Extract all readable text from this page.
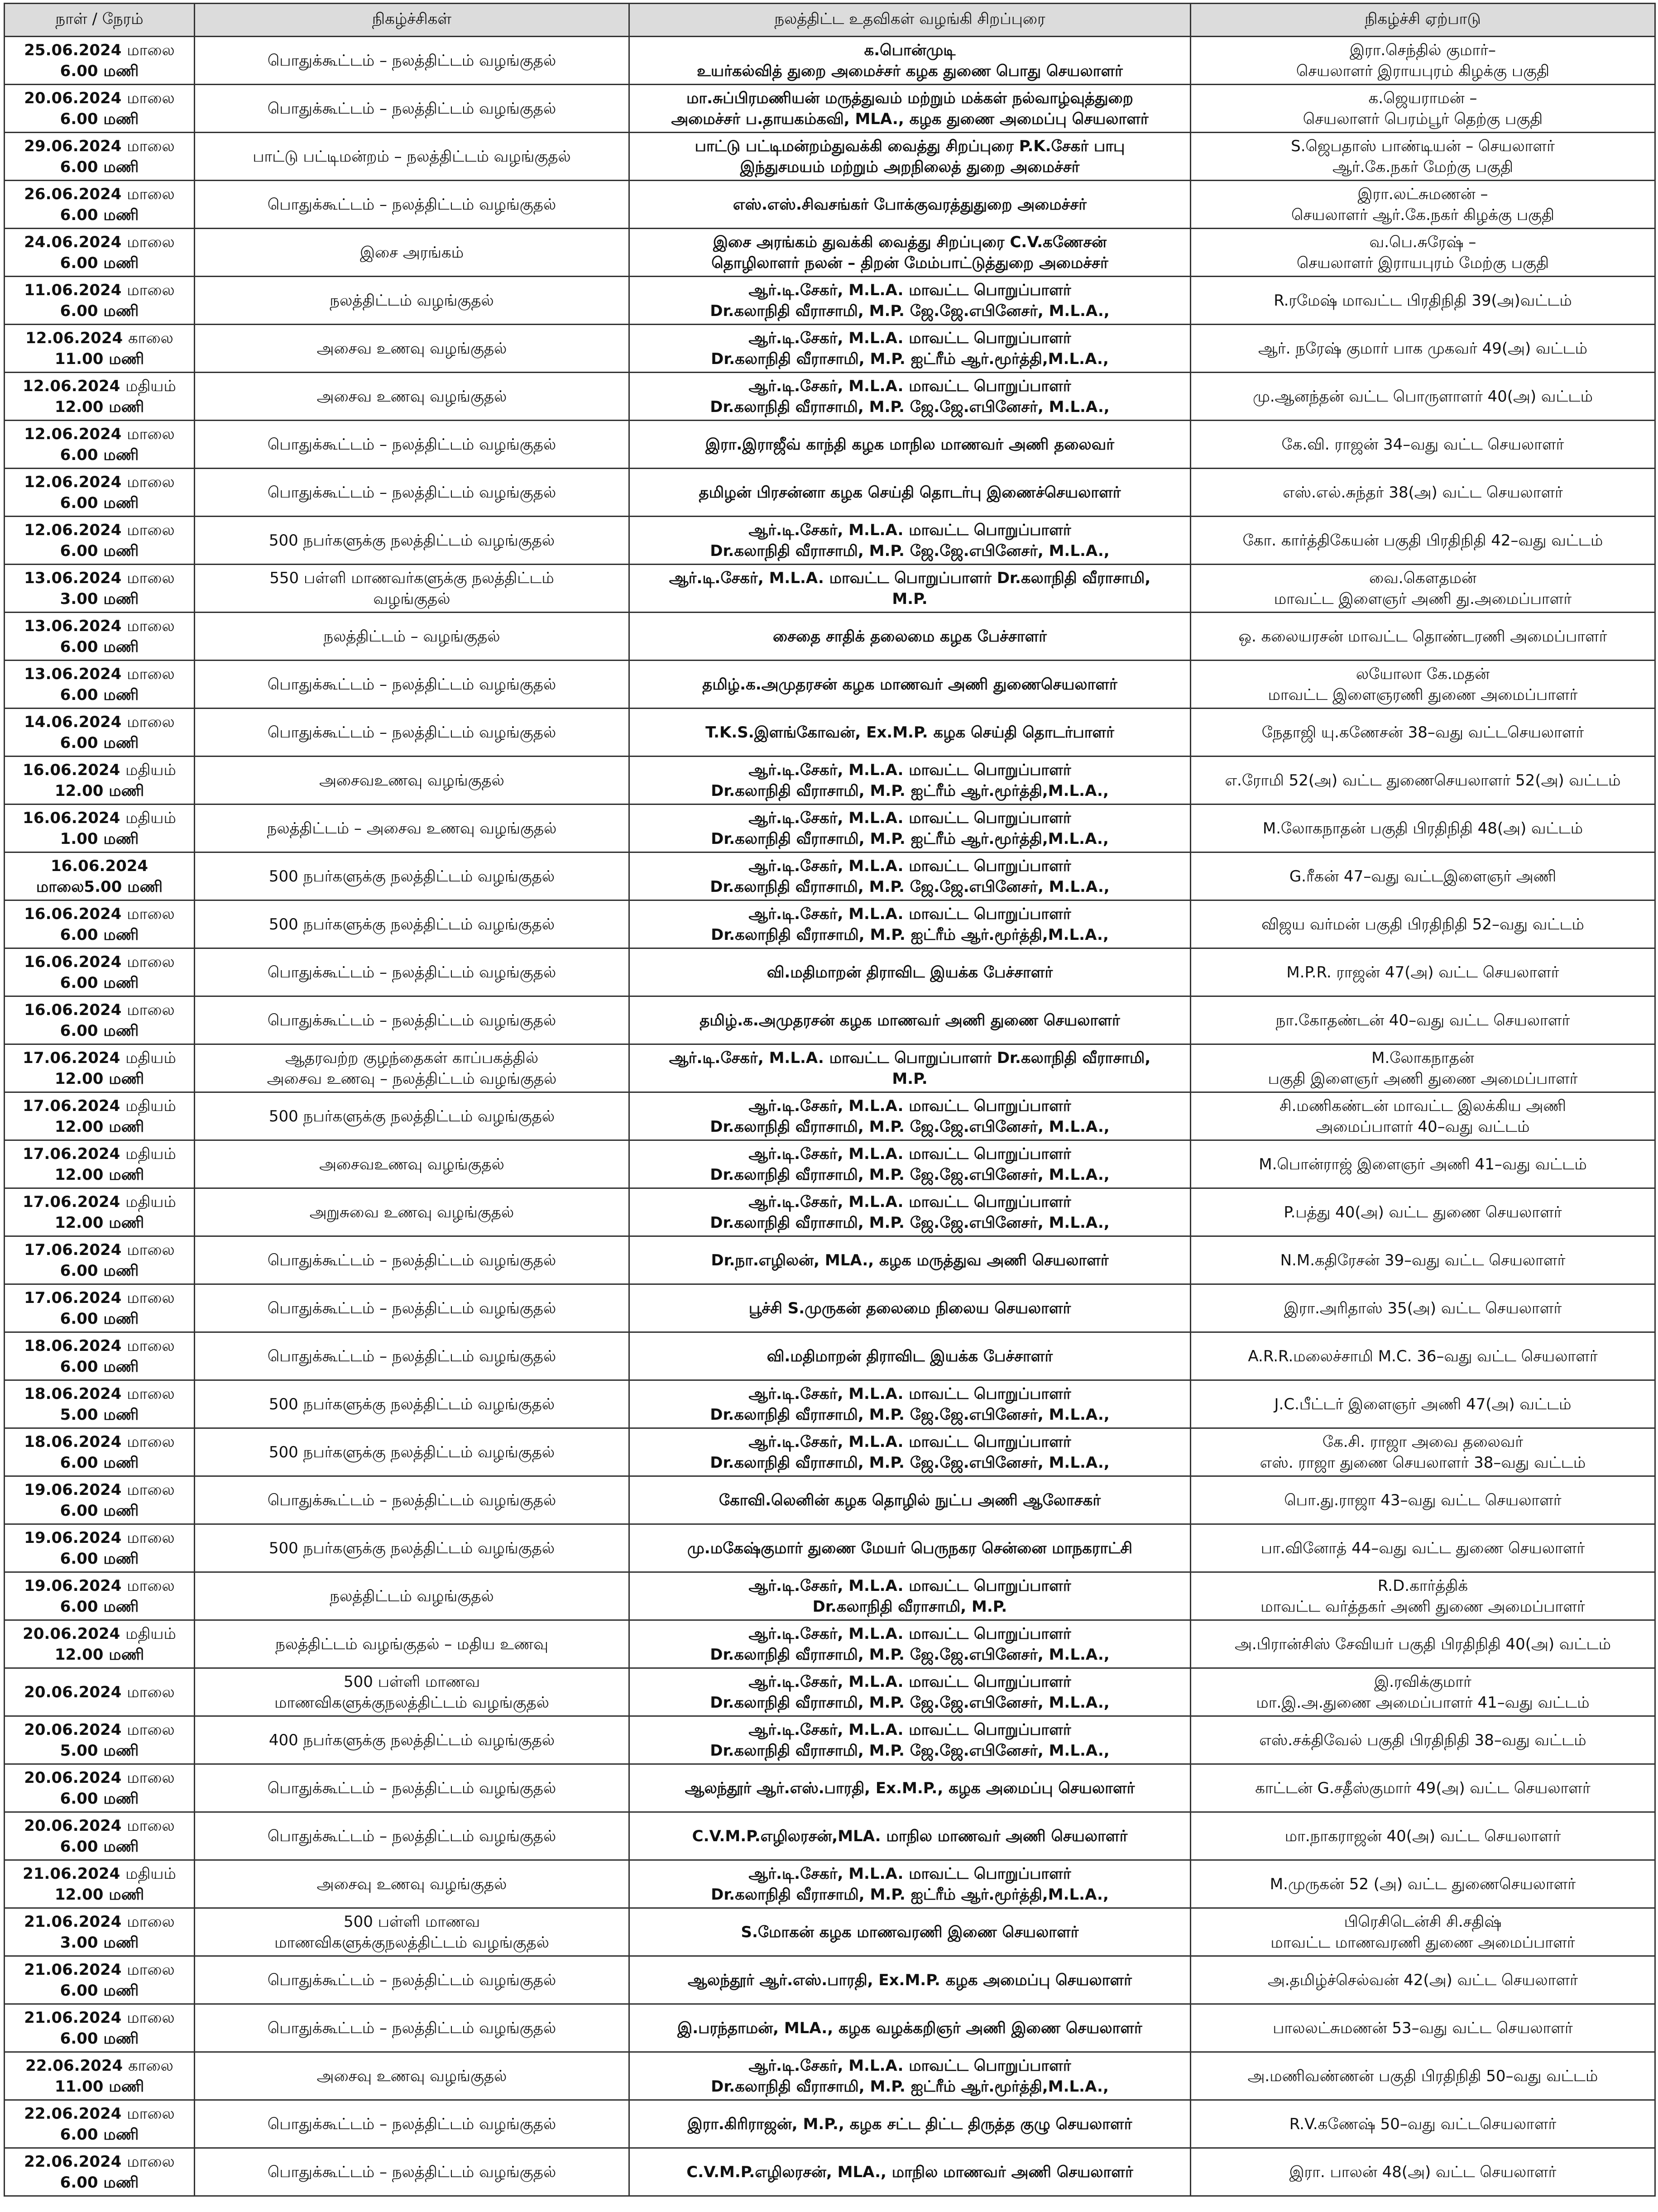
நாள் / நேரம்	நிகழ்ச்சிகள்	நலத்திட்ட உதவிகள் வழங்கி சிறப்புரை	நிகழ்ச்சி ஏற்பாடு

25.06.2024 மாலை
6.00 மணி	பொதுக்கூட்டம் – நலத்திட்டம் வழங்குதல்	க.பொன்முடி
உயர்கல்வித் துறை அமைச்சர் கழக துணை பொது செயலாளர்	இரா.செந்தில் குமார்–
செயலாளர் இராயபுரம் கிழக்கு பகுதி

20.06.2024 மாலை
6.00 மணி	பொதுக்கூட்டம் – நலத்திட்டம் வழங்குதல்	மா.சுப்பிரமணியன் மருத்துவம் மற்றும் மக்கள் நல்வாழ்வுத்துறை
அமைச்சர் ப.தாயகம்கவி, MLA., கழக துணை அமைப்பு செயலாளர்	க.ஜெயராமன் –
செயலாளர் பெரம்பூர் தெற்கு பகுதி

29.06.2024 மாலை
6.00 மணி	பாட்டு பட்டிமன்றம் – நலத்திட்டம் வழங்குதல்	பாட்டு பட்டிமன்றம்துவக்கி வைத்து சிறப்புரை P.K.சேகர் பாபு
இந்துசமயம் மற்றும் அறநிலைத் துறை அமைச்சர்	S.ஜெபதாஸ் பாண்டியன் – செயலாளர்
ஆர்.கே.நகர் மேற்கு பகுதி

26.06.2024 மாலை
6.00 மணி	பொதுக்கூட்டம் – நலத்திட்டம் வழங்குதல்	எஸ்.எஸ்.சிவசங்கர் போக்குவரத்துதுறை அமைச்சர்	இரா.லட்சுமணன் –
செயலாளர் ஆர்.கே.நகர் கிழக்கு பகுதி

24.06.2024 மாலை
6.00 மணி	இசை அரங்கம்	இசை அரங்கம் துவக்கி வைத்து சிறப்புரை C.V.கணேசன்
தொழிலாளர் நலன் – திறன் மேம்பாட்டுத்துறை அமைச்சர்	வ.பெ.சுரேஷ் –
செயலாளர் இராயபுரம் மேற்கு பகுதி

11.06.2024 மாலை
6.00 மணி	நலத்திட்டம் வழங்குதல்	ஆர்.டி.சேகர், M.L.A. மாவட்ட பொறுப்பாளர்
Dr.கலாநிதி வீராசாமி, M.P. ஜே.ஜே.எபினேசர், M.L.A.,	R.ரமேஷ் மாவட்ட பிரதிநிதி 39(அ)வட்டம்

12.06.2024 காலை
11.00 மணி	அசைவ உணவு வழங்குதல்	ஆர்.டி.சேகர், M.L.A. மாவட்ட பொறுப்பாளர்
Dr.கலாநிதி வீராசாமி, M.P. ஐட்ரீம் ஆர்.மூர்த்தி,M.L.A.,	ஆர். நரேஷ் குமார் பாக முகவர் 49(அ) வட்டம்

12.06.2024 மதியம்
12.00 மணி	அசைவ உணவு வழங்குதல்	ஆர்.டி.சேகர், M.L.A. மாவட்ட பொறுப்பாளர்
Dr.கலாநிதி வீராசாமி, M.P. ஜே.ஜே.எபினேசர், M.L.A.,	மு.ஆனந்தன் வட்ட பொருளாளர் 40(அ) வட்டம்

12.06.2024 மாலை
6.00 மணி	பொதுக்கூட்டம் – நலத்திட்டம் வழங்குதல்	இரா.இராஜீவ் காந்தி கழக மாநில மாணவர் அணி தலைவர்	கே.வி. ராஜன் 34–வது வட்ட செயலாளர்

12.06.2024 மாலை
6.00 மணி	பொதுக்கூட்டம் – நலத்திட்டம் வழங்குதல்	தமிழன் பிரசன்னா கழக செய்தி தொடர்பு இணைச்செயலாளர்	எஸ்.எல்.சுந்தர் 38(அ) வட்ட செயலாளர்

12.06.2024 மாலை
6.00 மணி	500 நபர்களுக்கு நலத்திட்டம் வழங்குதல்	ஆர்.டி.சேகர், M.L.A. மாவட்ட பொறுப்பாளர்
Dr.கலாநிதி வீராசாமி, M.P. ஜே.ஜே.எபினேசர், M.L.A.,	கோ. கார்த்திகேயன் பகுதி பிரதிநிதி 42–வது வட்டம்

13.06.2024 மாலை
3.00 மணி	550 பள்ளி மாணவர்களுக்கு நலத்திட்டம்
வழங்குதல்	ஆர்.டி.சேகர், M.L.A. மாவட்ட பொறுப்பாளர் Dr.கலாநிதி வீராசாமி,
M.P.	வை.கௌதமன்
மாவட்ட இளைஞர் அணி து.அமைப்பாளர்

13.06.2024 மாலை
6.00 மணி	நலத்திட்டம் – வழங்குதல்	சைதை சாதிக் தலைமை கழக பேச்சாளர்	ஒ. கலையரசன் மாவட்ட தொண்டரணி அமைப்பாளர்

13.06.2024 மாலை
6.00 மணி	பொதுக்கூட்டம் – நலத்திட்டம் வழங்குதல்	தமிழ்.க.அமுதரசன் கழக மாணவர் அணி துணைசெயலாளர்	லயோலா கே.மதன்
மாவட்ட இளைஞரணி துணை அமைப்பாளர்

14.06.2024 மாலை
6.00 மணி	பொதுக்கூட்டம் – நலத்திட்டம் வழங்குதல்	T.K.S.இளங்கோவன், Ex.M.P. கழக செய்தி தொடர்பாளர்	நேதாஜி யு.கணேசன் 38–வது வட்டசெயலாளர்

16.06.2024 மதியம்
12.00 மணி	அசைவஉணவு வழங்குதல்	ஆர்.டி.சேகர், M.L.A. மாவட்ட பொறுப்பாளர்
Dr.கலாநிதி வீராசாமி, M.P. ஐட்ரீம் ஆர்.மூர்த்தி,M.L.A.,	எ.ரோமி 52(அ) வட்ட துணைசெயலாளர் 52(அ) வட்டம்

16.06.2024 மதியம்
1.00 மணி	நலத்திட்டம் – அசைவ உணவு வழங்குதல்	ஆர்.டி.சேகர், M.L.A. மாவட்ட பொறுப்பாளர்
Dr.கலாநிதி வீராசாமி, M.P. ஐட்ரீம் ஆர்.மூர்த்தி,M.L.A.,	M.லோகநாதன் பகுதி பிரதிநிதி 48(அ) வட்டம்

16.06.2024
மாலை5.00 மணி	500 நபர்களுக்கு நலத்திட்டம் வழங்குதல்	ஆர்.டி.சேகர், M.L.A. மாவட்ட பொறுப்பாளர்
Dr.கலாநிதி வீராசாமி, M.P. ஜே.ஜே.எபினேசர், M.L.A.,	G.ரீகன் 47–வது வட்டஇளைஞர் அணி

16.06.2024 மாலை
6.00 மணி	500 நபர்களுக்கு நலத்திட்டம் வழங்குதல்	ஆர்.டி.சேகர், M.L.A. மாவட்ட பொறுப்பாளர்
Dr.கலாநிதி வீராசாமி, M.P. ஐட்ரீம் ஆர்.மூர்த்தி,M.L.A.,	விஜய வர்மன் பகுதி பிரதிநிதி 52–வது வட்டம்

16.06.2024 மாலை
6.00 மணி	பொதுக்கூட்டம் – நலத்திட்டம் வழங்குதல்	வி.மதிமாறன் திராவிட இயக்க பேச்சாளர்	M.P.R. ராஜன் 47(அ) வட்ட செயலாளர்

16.06.2024 மாலை
6.00 மணி	பொதுக்கூட்டம் – நலத்திட்டம் வழங்குதல்	தமிழ்.க.அமுதரசன் கழக மாணவர் அணி துணை செயலாளர்	நா.கோதண்டன் 40–வது வட்ட செயலாளர்

17.06.2024 மதியம்
12.00 மணி	ஆதரவற்ற குழந்தைகள் காப்பகத்தில்
அசைவ உணவு – நலத்திட்டம் வழங்குதல்	ஆர்.டி.சேகர், M.L.A. மாவட்ட பொறுப்பாளர் Dr.கலாநிதி வீராசாமி,
M.P.	M.லோகநாதன்
பகுதி இளைஞர் அணி துணை அமைப்பாளர்

17.06.2024 மதியம்
12.00 மணி	500 நபர்களுக்கு நலத்திட்டம் வழங்குதல்	ஆர்.டி.சேகர், M.L.A. மாவட்ட பொறுப்பாளர்
Dr.கலாநிதி வீராசாமி, M.P. ஜே.ஜே.எபினேசர், M.L.A.,	சி.மணிகண்டன் மாவட்ட இலக்கிய அணி
அமைப்பாளர் 40–வது வட்டம்

17.06.2024 மதியம்
12.00 மணி	அசைவஉணவு வழங்குதல்	ஆர்.டி.சேகர், M.L.A. மாவட்ட பொறுப்பாளர்
Dr.கலாநிதி வீராசாமி, M.P. ஜே.ஜே.எபினேசர், M.L.A.,	M.பொன்ராஜ் இளைஞர் அணி 41–வது வட்டம்

17.06.2024 மதியம்
12.00 மணி	அறுசுவை உணவு வழங்குதல்	ஆர்.டி.சேகர், M.L.A. மாவட்ட பொறுப்பாளர்
Dr.கலாநிதி வீராசாமி, M.P. ஜே.ஜே.எபினேசர், M.L.A.,	P.பத்து 40(அ) வட்ட துணை செயலாளர்

17.06.2024 மாலை
6.00 மணி	பொதுக்கூட்டம் – நலத்திட்டம் வழங்குதல்	Dr.நா.எழிலன், MLA., கழக மருத்துவ அணி செயலாளர்	N.M.கதிரேசன் 39–வது வட்ட செயலாளர்

17.06.2024 மாலை
6.00 மணி	பொதுக்கூட்டம் – நலத்திட்டம் வழங்குதல்	பூச்சி S.முருகன் தலைமை நிலைய செயலாளர்	இரா.அரிதாஸ் 35(அ) வட்ட செயலாளர்

18.06.2024 மாலை
6.00 மணி	பொதுக்கூட்டம் – நலத்திட்டம் வழங்குதல்	வி.மதிமாறன் திராவிட இயக்க பேச்சாளர்	A.R.R.மலைச்சாமி M.C. 36–வது வட்ட செயலாளர்

18.06.2024 மாலை
5.00 மணி	500 நபர்களுக்கு நலத்திட்டம் வழங்குதல்	ஆர்.டி.சேகர், M.L.A. மாவட்ட பொறுப்பாளர்
Dr.கலாநிதி வீராசாமி, M.P. ஜே.ஜே.எபினேசர், M.L.A.,	J.C.பீட்டர் இளைஞர் அணி 47(அ) வட்டம்

18.06.2024 மாலை
6.00 மணி	500 நபர்களுக்கு நலத்திட்டம் வழங்குதல்	ஆர்.டி.சேகர், M.L.A. மாவட்ட பொறுப்பாளர்
Dr.கலாநிதி வீராசாமி, M.P. ஜே.ஜே.எபினேசர், M.L.A.,	கே.சி. ராஜா அவை தலைவர்
எஸ். ராஜா துணை செயலாளர் 38–வது வட்டம்

19.06.2024 மாலை
6.00 மணி	பொதுக்கூட்டம் – நலத்திட்டம் வழங்குதல்	கோவி.லெனின் கழக தொழில் நுட்ப அணி ஆலோசகர்	பொ.து.ராஜா 43–வது வட்ட செயலாளர்

19.06.2024 மாலை
6.00 மணி	500 நபர்களுக்கு நலத்திட்டம் வழங்குதல்	மு.மகேஷ்குமார் துணை மேயர் பெருநகர சென்னை மாநகராட்சி	பா.வினோத் 44–வது வட்ட துணை செயலாளர்

19.06.2024 மாலை
6.00 மணி	நலத்திட்டம் வழங்குதல்	ஆர்.டி.சேகர், M.L.A. மாவட்ட பொறுப்பாளர்
Dr.கலாநிதி வீராசாமி, M.P.	R.D.கார்த்திக்
மாவட்ட வர்த்தகர் அணி துணை அமைப்பாளர்

20.06.2024 மதியம்
12.00 மணி	நலத்திட்டம் வழங்குதல் – மதிய உணவு	ஆர்.டி.சேகர், M.L.A. மாவட்ட பொறுப்பாளர்
Dr.கலாநிதி வீராசாமி, M.P. ஜே.ஜே.எபினேசர், M.L.A.,	அ.பிரான்சிஸ் சேவியர் பகுதி பிரதிநிதி 40(அ) வட்டம்

20.06.2024 மாலை	500 பள்ளி மாணவ
மாணவிகளுக்குநலத்திட்டம் வழங்குதல்	ஆர்.டி.சேகர், M.L.A. மாவட்ட பொறுப்பாளர்
Dr.கலாநிதி வீராசாமி, M.P. ஜே.ஜே.எபினேசர், M.L.A.,	இ.ரவிக்குமார்
மா.இ.அ.துணை அமைப்பாளர் 41–வது வட்டம்

20.06.2024 மாலை
5.00 மணி	400 நபர்களுக்கு நலத்திட்டம் வழங்குதல்	ஆர்.டி.சேகர், M.L.A. மாவட்ட பொறுப்பாளர்
Dr.கலாநிதி வீராசாமி, M.P. ஜே.ஜே.எபினேசர், M.L.A.,	எஸ்.சக்திவேல் பகுதி பிரதிநிதி 38–வது வட்டம்

20.06.2024 மாலை
6.00 மணி	பொதுக்கூட்டம் – நலத்திட்டம் வழங்குதல்	ஆலந்தூர் ஆர்.எஸ்.பாரதி, Ex.M.P., கழக அமைப்பு செயலாளர்	காட்டன் G.சதீஸ்குமார் 49(அ) வட்ட செயலாளர்

20.06.2024 மாலை
6.00 மணி	பொதுக்கூட்டம் – நலத்திட்டம் வழங்குதல்	C.V.M.P.எழிலரசன்,MLA. மாநில மாணவர் அணி செயலாளர்	மா.நாகராஜன் 40(அ) வட்ட செயலாளர்

21.06.2024 மதியம்
12.00 மணி	அசைவு உணவு வழங்குதல்	ஆர்.டி.சேகர், M.L.A. மாவட்ட பொறுப்பாளர்
Dr.கலாநிதி வீராசாமி, M.P. ஐட்ரீம் ஆர்.மூர்த்தி,M.L.A.,	M.முருகன் 52 (அ) வட்ட துணைசெயலாளர்

21.06.2024 மாலை
3.00 மணி	500 பள்ளி மாணவ
மாணவிகளுக்குநலத்திட்டம் வழங்குதல்	S.மோகன் கழக மாணவரணி இணை செயலாளர்	பிரெசிடென்சி சி.சதிஷ்
மாவட்ட மாணவரணி துணை அமைப்பாளர்

21.06.2024 மாலை
6.00 மணி	பொதுக்கூட்டம் – நலத்திட்டம் வழங்குதல்	ஆலந்தூர் ஆர்.எஸ்.பாரதி, Ex.M.P. கழக அமைப்பு செயலாளர்	அ.தமிழ்ச்செல்வன் 42(அ) வட்ட செயலாளர்

21.06.2024 மாலை
6.00 மணி	பொதுக்கூட்டம் – நலத்திட்டம் வழங்குதல்	இ.பரந்தாமன், MLA., கழக வழக்கறிஞர் அணி இணை செயலாளர்	பாலலட்சுமணன் 53–வது வட்ட செயலாளர்

22.06.2024 காலை
11.00 மணி	அசைவு உணவு வழங்குதல்	ஆர்.டி.சேகர், M.L.A. மாவட்ட பொறுப்பாளர்
Dr.கலாநிதி வீராசாமி, M.P. ஐட்ரீம் ஆர்.மூர்த்தி,M.L.A.,	அ.மணிவண்ணன் பகுதி பிரதிநிதி 50–வது வட்டம்

22.06.2024 மாலை
6.00 மணி	பொதுக்கூட்டம் – நலத்திட்டம் வழங்குதல்	இரா.கிரிராஜன், M.P., கழக சட்ட திட்ட திருத்த குழு செயலாளர்	R.V.கணேஷ் 50–வது வட்டசெயலாளர்

22.06.2024 மாலை
6.00 மணி	பொதுக்கூட்டம் – நலத்திட்டம் வழங்குதல்	C.V.M.P.எழிலரசன், MLA., மாநில மாணவர் அணி செயலாளர்	இரா. பாலன் 48(அ) வட்ட செயலாளர்
